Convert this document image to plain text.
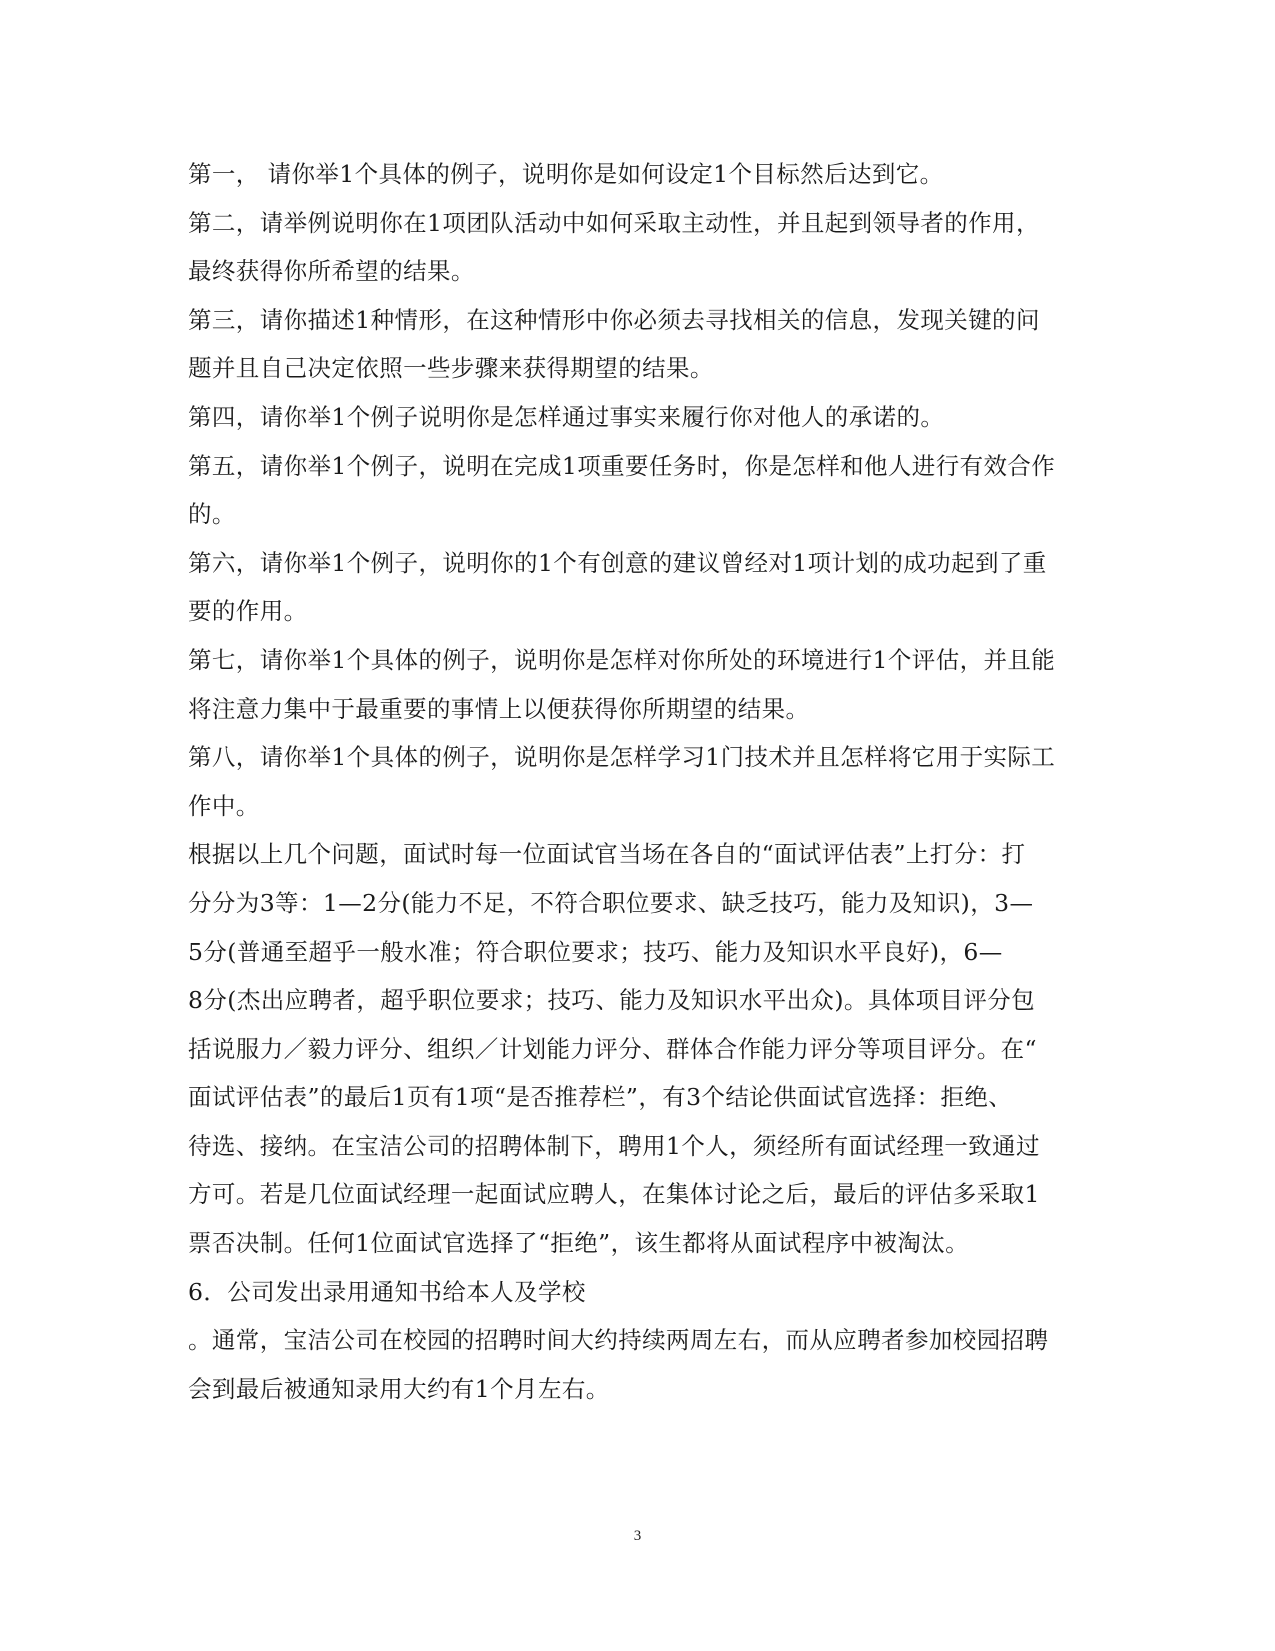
第一， 请你举1个具体的例子，说明你是如何设定1个目标然后达到它。
第二，请举例说明你在1项团队活动中如何采取主动性，并且起到领导者的作用，
最终获得你所希望的结果。
第三，请你描述1种情形，在这种情形中你必须去寻找相关的信息，发现关键的问
题并且自己决定依照一些步骤来获得期望的结果。
第四，请你举1个例子说明你是怎样通过事实来履行你对他人的承诺的。
第五，请你举1个例子，说明在完成1项重要任务时，你是怎样和他人进行有效合作
的。
第六，请你举1个例子，说明你的1个有创意的建议曾经对1项计划的成功起到了重
要的作用。
第七，请你举1个具体的例子，说明你是怎样对你所处的环境进行1个评估，并且能
将注意力集中于最重要的事情上以便获得你所期望的结果。
第八，请你举1个具体的例子，说明你是怎样学习1门技术并且怎样将它用于实际工
作中。
根据以上几个问题，面试时每一位面试官当场在各自的“面试评估表”上打分：打
分分为3等：1—2分(能力不足，不符合职位要求、缺乏技巧，能力及知识)，3—
5分(普通至超乎一般水准；符合职位要求；技巧、能力及知识水平良好)，6—
8分(杰出应聘者，超乎职位要求；技巧、能力及知识水平出众)。具体项目评分包
括说服力／毅力评分、组织／计划能力评分、群体合作能力评分等项目评分。在“
面试评估表”的最后1页有1项“是否推荐栏”，有3个结论供面试官选择：拒绝、
待选、接纳。在宝洁公司的招聘体制下，聘用1个人，须经所有面试经理一致通过
方可。若是几位面试经理一起面试应聘人，在集体讨论之后，最后的评估多采取1
票否决制。任何1位面试官选择了“拒绝”，该生都将从面试程序中被淘汰。
6．公司发出录用通知书给本人及学校
。通常，宝洁公司在校园的招聘时间大约持续两周左右，而从应聘者参加校园招聘
会到最后被通知录用大约有1个月左右。
3
